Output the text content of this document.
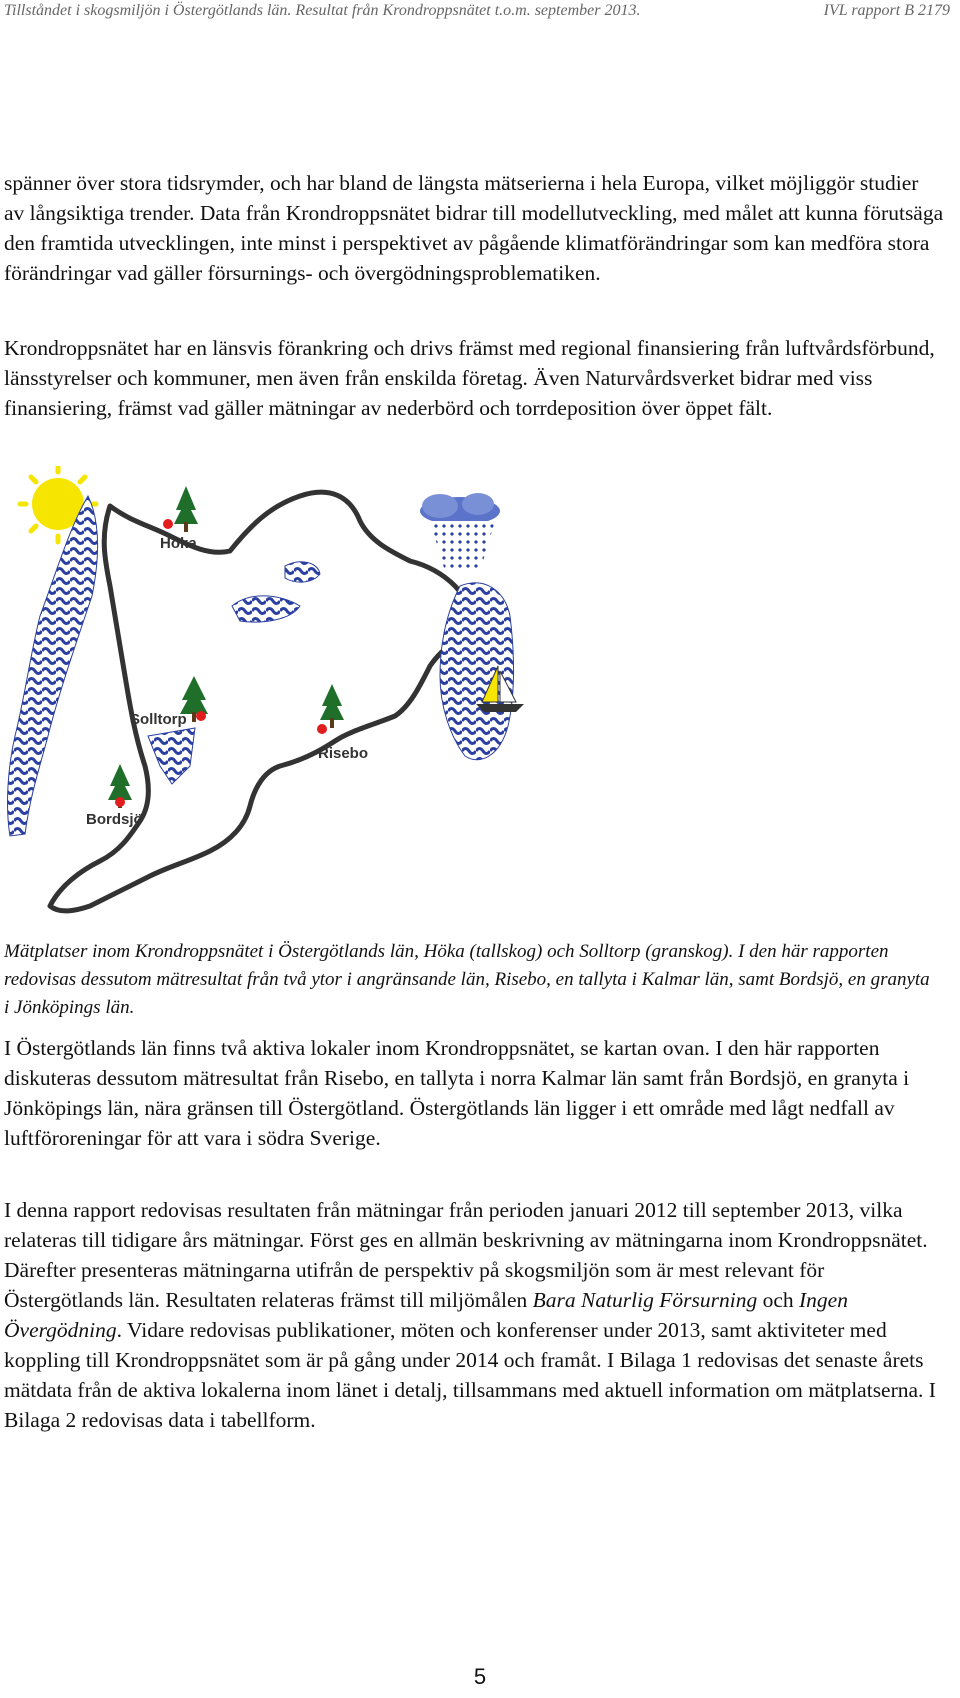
Tillståndet i skogsmiljön i Östergötlands län. Resultat från Krondroppsnätet t.o.m. september 2013.	IVL rapport B 2179

spänner över stora tidsrymder, och har bland de längsta mätserierna i hela Europa, vilket möjliggör studier av långsiktiga trender. Data från Krondroppsnätet bidrar till modellutveckling, med målet att kunna förutsäga den framtida utvecklingen, inte minst i perspektivet av pågående klimatförändringar som kan medföra stora förändringar vad gäller försurnings- och övergödningsproblematiken.

Krondroppsnätet har en länsvis förankring och drivs främst med regional finansiering från luftvårdsförbund, länsstyrelser och kommuner, men även från enskilda företag. Även Naturvårdsverket bidrar med viss finansiering, främst vad gäller mätningar av nederbörd och torrdeposition över öppet fält.

Höka
Solltorp
Risebo
Bordsjö

Mätplatser inom Krondroppsnätet i Östergötlands län, Höka (tallskog) och Solltorp (granskog). I den här rapporten redovisas dessutom mätresultat från två ytor i angränsande län, Risebo, en tallyta i Kalmar län, samt Bordsjö, en granyta i Jönköpings län.

I Östergötlands län finns två aktiva lokaler inom Krondroppsnätet, se kartan ovan. I den här rapporten diskuteras dessutom mätresultat från Risebo, en tallyta i norra Kalmar län samt från Bordsjö, en granyta i Jönköpings län, nära gränsen till Östergötland. Östergötlands län ligger i ett område med lågt nedfall av luftföroreningar för att vara i södra Sverige.

I denna rapport redovisas resultaten från mätningar från perioden januari 2012 till september 2013, vilka relateras till tidigare års mätningar. Först ges en allmän beskrivning av mätningarna inom Krondroppsnätet. Därefter presenteras mätningarna utifrån de perspektiv på skogsmiljön som är mest relevant för Östergötlands län. Resultaten relateras främst till miljömålen Bara Naturlig Försurning och Ingen Övergödning. Vidare redovisas publikationer, möten och konferenser under 2013, samt aktiviteter med koppling till Krondroppsnätet som är på gång under 2014 och framåt. I Bilaga 1 redovisas det senaste årets mätdata från de aktiva lokalerna inom länet i detalj, tillsammans med aktuell information om mätplatserna. I Bilaga 2 redovisas data i tabellform.

5
